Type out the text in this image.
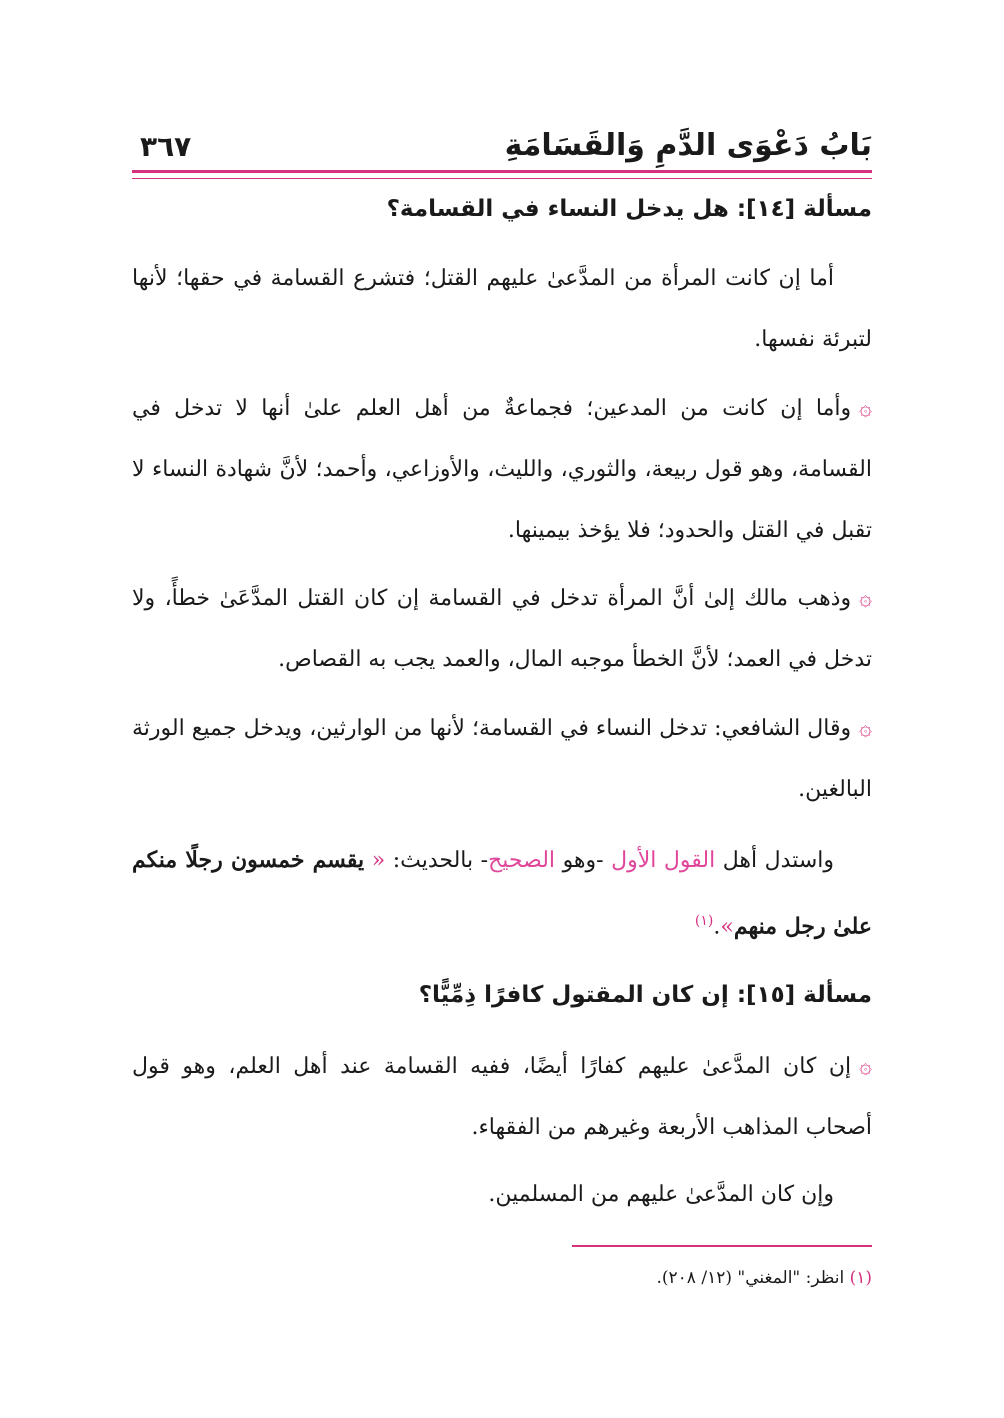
بَابُ دَعْوَى الدَّمِ وَالقَسَامَةِ
٣٦٧
مسألة [١٤]: هل يدخل النساء في القسامة؟
أما إن كانت المرأة من المدَّعىٰ عليهم القتل؛ فتشرع القسامة في حقها؛ لأنها لتبرئة نفسها.
۞وأما إن كانت من المدعين؛ فجماعةٌ من أهل العلم علىٰ أنها لا تدخل في القسامة، وهو قول ربيعة، والثوري، والليث، والأوزاعي، وأحمد؛ لأنَّ شهادة النساء لا تقبل في القتل والحدود؛ فلا يؤخذ بيمينها.
۞وذهب مالك إلىٰ أنَّ المرأة تدخل في القسامة إن كان القتل المدَّعَىٰ خطأً، ولا تدخل في العمد؛ لأنَّ الخطأ موجبه المال، والعمد يجب به القصاص.
۞وقال الشافعي: تدخل النساء في القسامة؛ لأنها من الوارثين، ويدخل جميع الورثة البالغين.
واستدل أهل القول الأول -وهو الصحيح- بالحديث: « يقسم خمسون رجلًا منكم علىٰ رجل منهم».$^{(١)}$
مسألة [١٥]: إن كان المقتول كافرًا ذِمِّيًّا؟
۞إن كان المدَّعىٰ عليهم كفارًا أيضًا، ففيه القسامة عند أهل العلم، وهو قول أصحاب المذاهب الأربعة وغيرهم من الفقهاء.
وإن كان المدَّعىٰ عليهم من المسلمين.
(١) انظر: "المغني" (١٢/ ٢٠٨).
